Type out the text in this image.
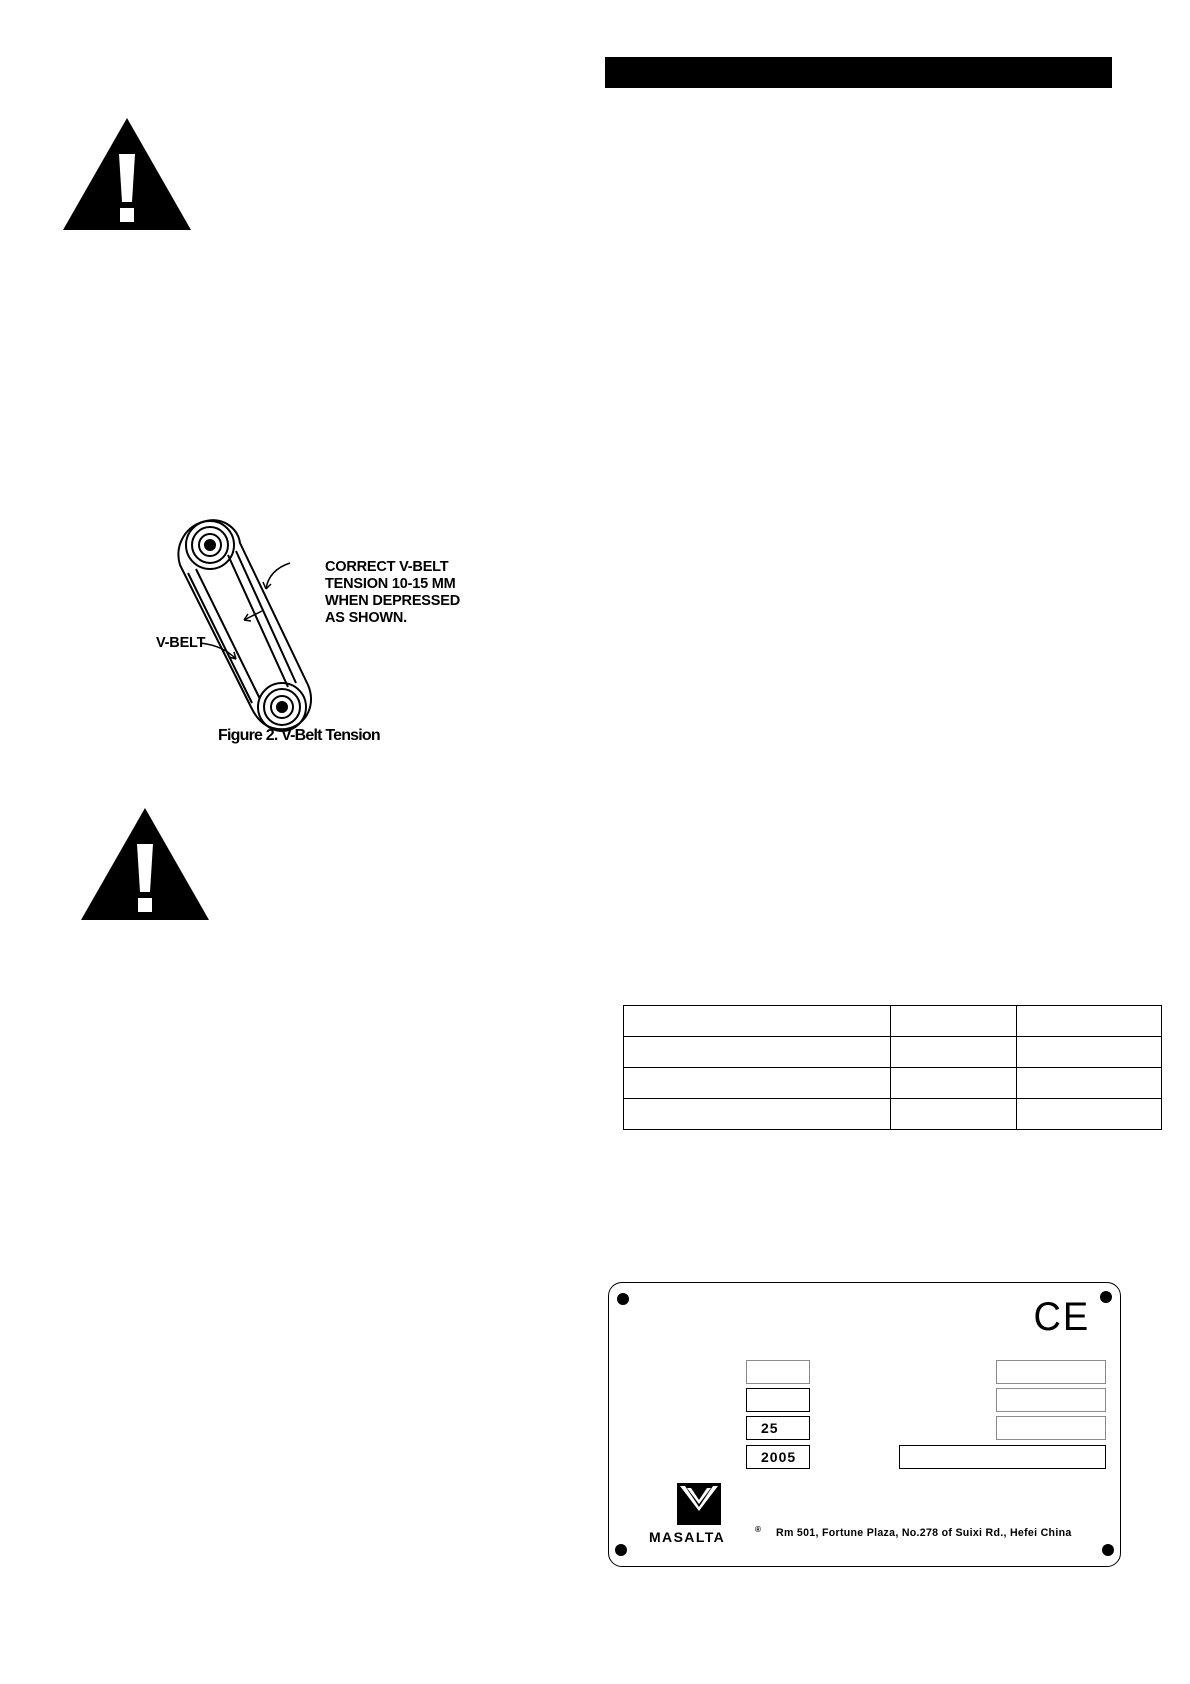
V-BELT
CORRECT V-BELT
TENSION 10-15 MM
WHEN DEPRESSED
AS SHOWN.
Figure 2. V-Belt Tension

CE
25
2005
MASALTA	® Rm 501, Fortune Plaza, No.278 of Suixi Rd., Hefei China
